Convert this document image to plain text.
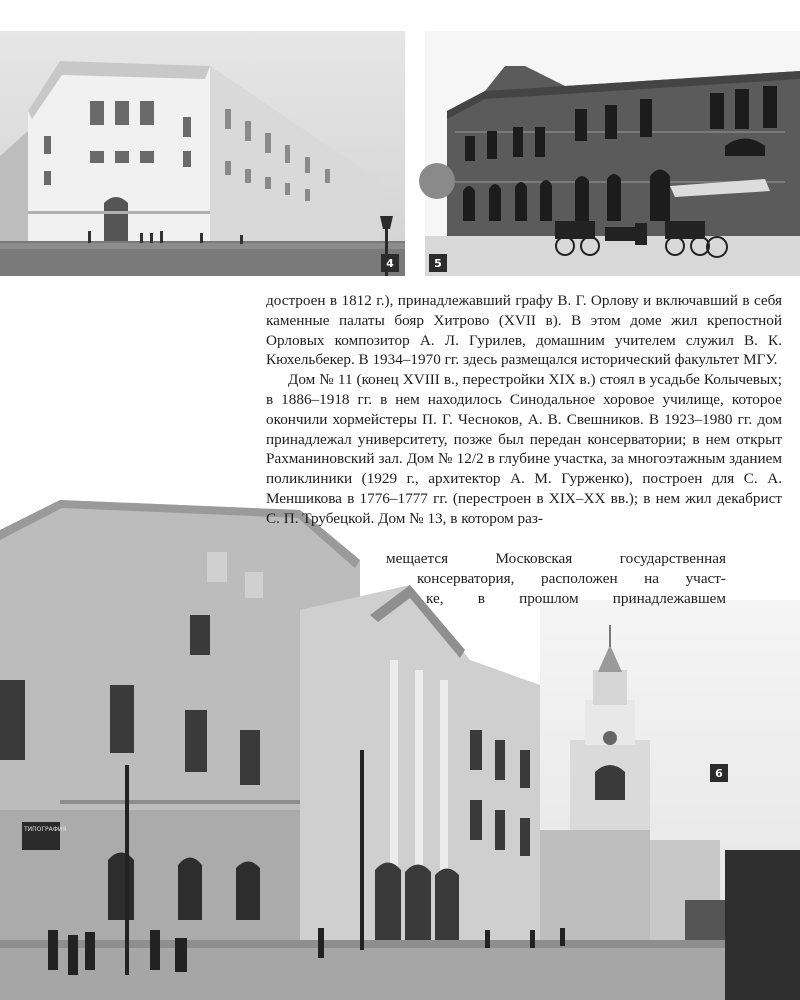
4	5
ТИПОГРАФИЯ
6

достроен в 1812 г.), принадлежавший графу В. Г. Орлову и включавший в себя каменные палаты бояр Хитрово (XVII в). В этом доме жил крепостной Орловых композитор А. Л. Гурилев, домашним учителем служил В. К. Кюхельбекер. В 1934–1970 гг. здесь размещался исторический факультет МГУ.

Дом № 11 (конец XVIII в., перестройки XIX в.) стоял в усадьбе Колычевых; в 1886–1918 гг. в нем находилось Синодальное хоровое училище, которое окончили хормейстеры П. Г. Чесноков, А. В. Свешников. В 1923–1980 гг. дом принадлежал университету, позже был передан консерватории; в нем открыт Рахманиновский зал. Дом № 12/2 в глубине участка, за многоэтажным зданием поликлиники (1929 г., архитектор А. М. Гурженко), построен для С. А. Меншикова в 1776–1777 гг. (перестроен в XIX–XX вв.); в нем жил декабрист С. П. Трубецкой. Дом № 13, в котором раз-

мещается Московская государственная
консерватория, расположен на участ-
ке, в прошлом принадлежавшем
